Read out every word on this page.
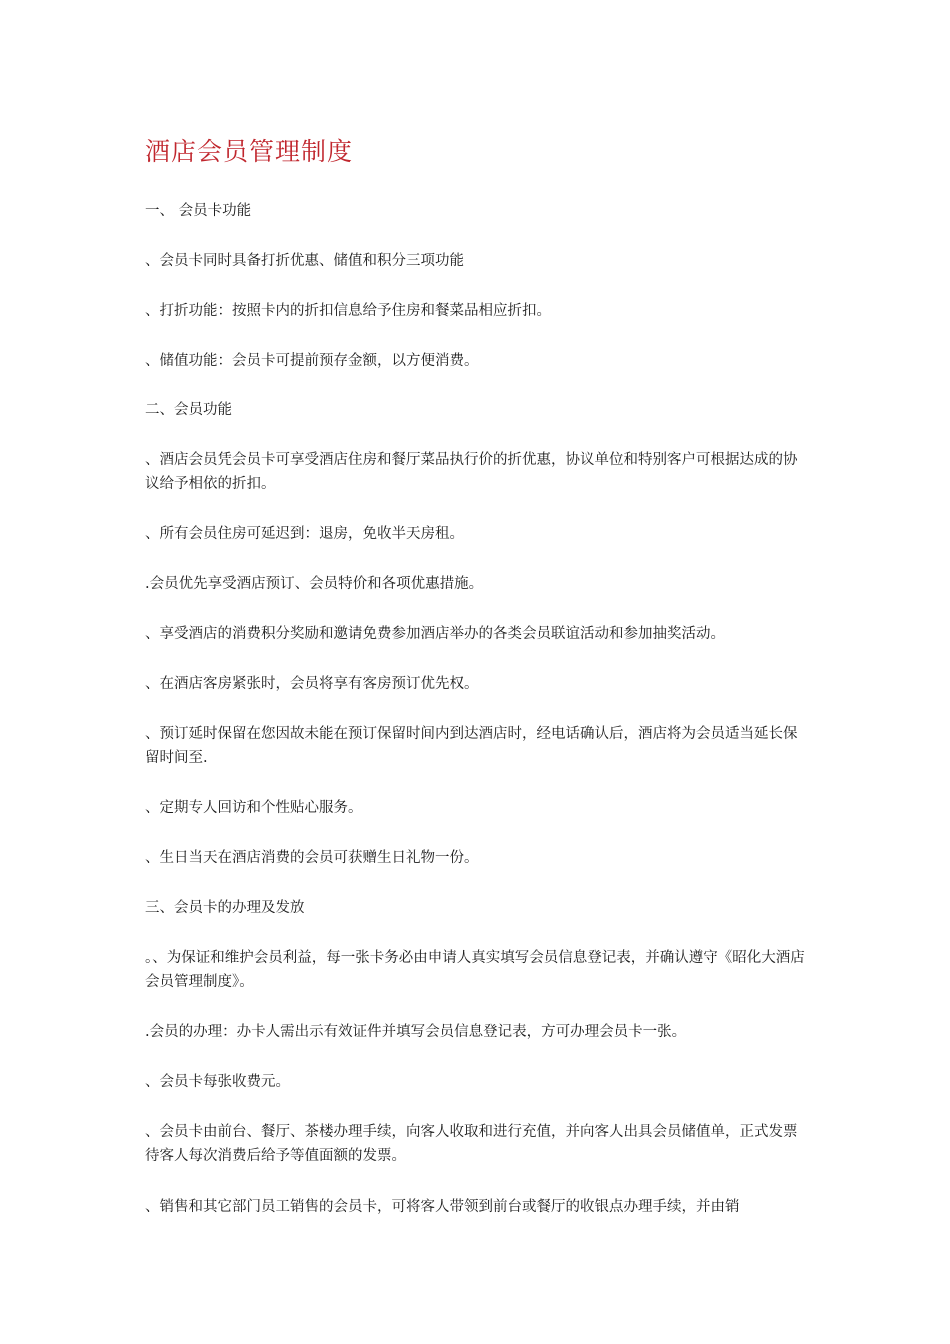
酒店会员管理制度

一、 会员卡功能

、会员卡同时具备打折优惠、储值和积分三项功能

、打折功能：按照卡内的折扣信息给予住房和餐菜品相应折扣。

、储值功能：会员卡可提前预存金额，以方便消费。

二、会员功能

、酒店会员凭会员卡可享受酒店住房和餐厅菜品执行价的折优惠，协议单位和特别客户可根据达成的协议给予相依的折扣。

、所有会员住房可延迟到：退房，免收半天房租。

.会员优先享受酒店预订、会员特价和各项优惠措施。

、享受酒店的消费积分奖励和邀请免费参加酒店举办的各类会员联谊活动和参加抽奖活动。

、在酒店客房紧张时，会员将享有客房预订优先权。

、预订延时保留在您因故未能在预订保留时间内到达酒店时，经电话确认后，酒店将为会员适当延长保留时间至.

、定期专人回访和个性贴心服务。

、生日当天在酒店消费的会员可获赠生日礼物一份。

三、会员卡的办理及发放

。、为保证和维护会员利益，每一张卡务必由申请人真实填写会员信息登记表，并确认遵守《昭化大酒店会员管理制度》。

.会员的办理：办卡人需出示有效证件并填写会员信息登记表，方可办理会员卡一张。

、会员卡每张收费元。

、会员卡由前台、餐厅、茶楼办理手续，向客人收取和进行充值，并向客人出具会员储值单，正式发票待客人每次消费后给予等值面额的发票。

、销售和其它部门员工销售的会员卡，可将客人带领到前台或餐厅的收银点办理手续，并由销
